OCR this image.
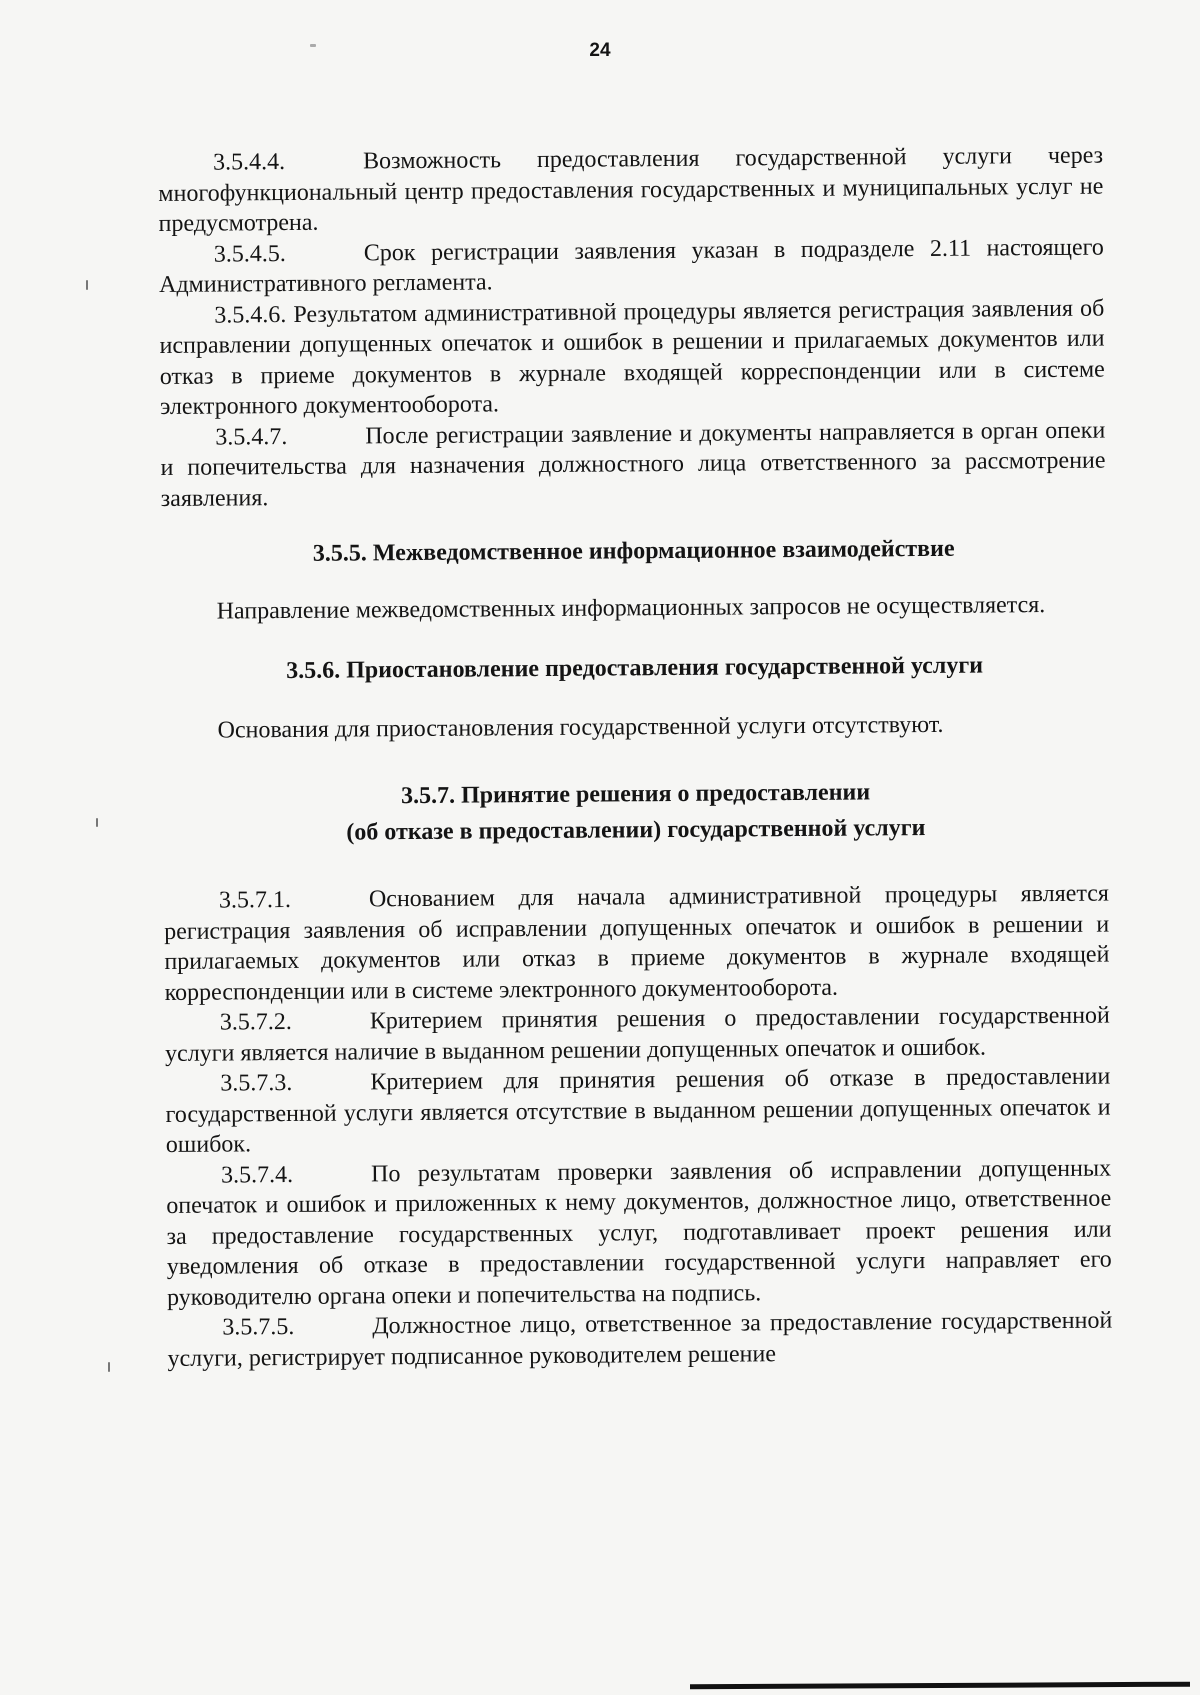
24

3.5.4.4.	Возможность предоставления государственной услуги через многофункциональный центр предоставления государственных и муниципальных услуг не предусмотрена.

3.5.4.5.	Срок регистрации заявления указан в подразделе 2.11 настоящего Административного регламента.

3.5.4.6. Результатом административной процедуры является регистрация заявления об исправлении допущенных опечаток и ошибок в решении и прилагаемых документов или отказ в приеме документов в журнале входящей корреспонденции или в системе электронного документооборота.

3.5.4.7.	После регистрации заявление и документы направляется в орган опеки и попечительства для назначения должностного лица ответственного за рассмотрение заявления.

3.5.5. Межведомственное информационное взаимодействие

Направление межведомственных информационных запросов не осуществляется.

3.5.6. Приостановление предоставления государственной услуги

Основания для приостановления государственной услуги отсутствуют.

3.5.7. Принятие решения о предоставлении
(об отказе в предоставлении) государственной услуги

3.5.7.1.	Основанием для начала административной процедуры является регистрация заявления об исправлении допущенных опечаток и ошибок в решении и прилагаемых документов или отказ в приеме документов в журнале входящей корреспонденции или в системе электронного документооборота.

3.5.7.2.	Критерием принятия решения о предоставлении государственной услуги является наличие в выданном решении допущенных опечаток и ошибок.

3.5.7.3.	Критерием для принятия решения об отказе в предоставлении государственной услуги является отсутствие в выданном решении допущенных опечаток и ошибок.

3.5.7.4.	По результатам проверки заявления об исправлении допущенных опечаток и ошибок и приложенных к нему документов, должностное лицо, ответственное за предоставление государственных услуг, подготавливает проект решения или уведомления об отказе в предоставлении государственной услуги направляет его руководителю органа опеки и попечительства на подпись.

3.5.7.5.	Должностное лицо, ответственное за предоставление государственной услуги, регистрирует подписанное руководителем решение
